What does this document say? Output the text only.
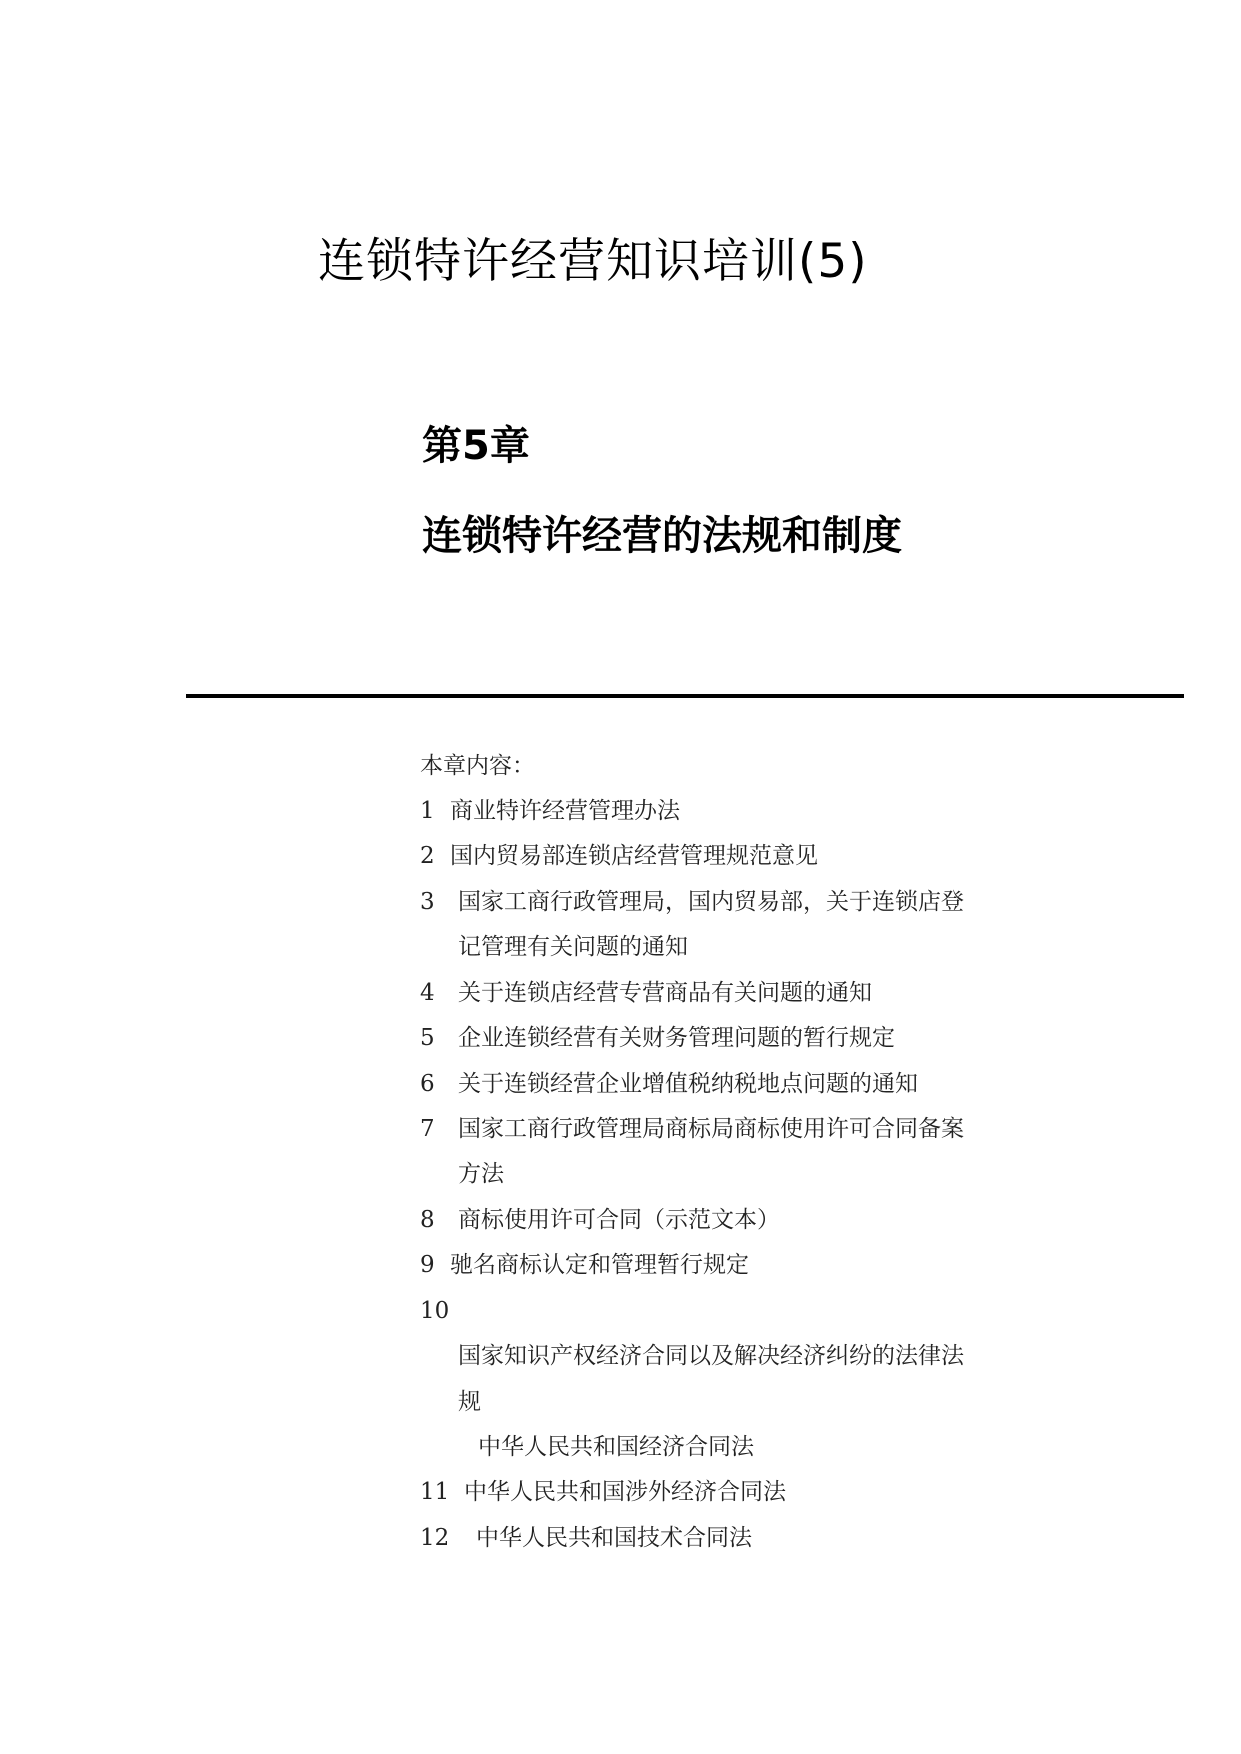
连锁特许经营知识培训(5)
第5章
连锁特许经营的法规和制度
本章内容：
1 商业特许经营管理办法
2 国内贸易部连锁店经营管理规范意见
3 国家工商行政管理局，国内贸易部，关于连锁店登
记管理有关问题的通知
4 关于连锁店经营专营商品有关问题的通知
5 企业连锁经营有关财务管理问题的暂行规定
6 关于连锁经营企业增值税纳税地点问题的通知
7 国家工商行政管理局商标局商标使用许可合同备案
方法
8 商标使用许可合同（示范文本）
9 驰名商标认定和管理暂行规定
10
国家知识产权经济合同以及解决经济纠纷的法律法
规
中华人民共和国经济合同法
11 中华人民共和国涉外经济合同法
12 中华人民共和国技术合同法
